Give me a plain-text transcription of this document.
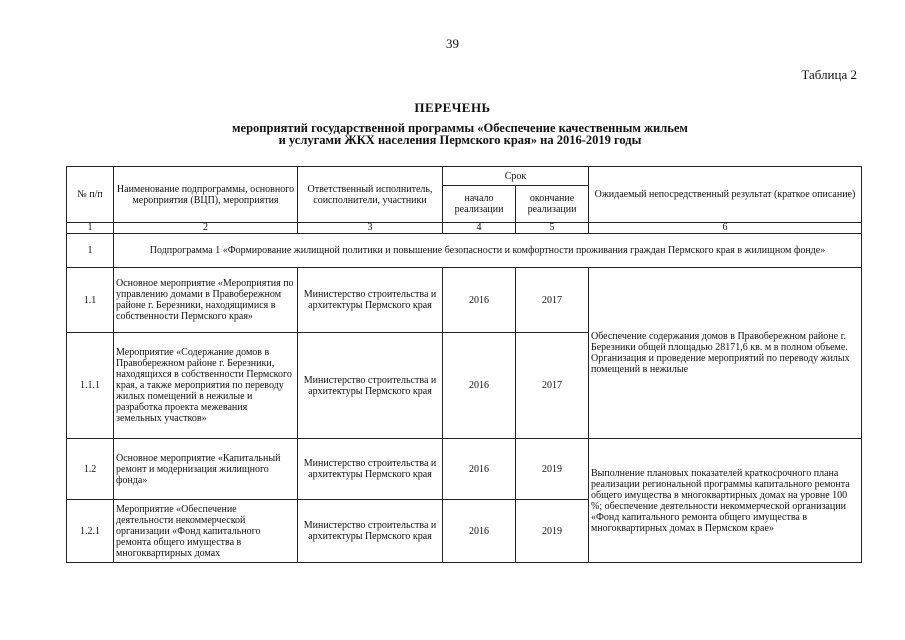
39
Таблица 2
ПЕРЕЧЕНЬ
мероприятий государственной программы «Обеспечение качественным жильем
и услугами ЖКХ населения Пермского края» на 2016-2019 годы
№ п/п	Наименование подпрограммы, основного мероприятия (ВЦП), мероприятия	Ответственный исполнитель, соисполнители, участники	Срок		Ожидаемый непосредственный результат (краткое описание)
			начало реализации	окончание реализации	
1	2	3	4	5	6
1	Подпрограмма 1 «Формирование жилищной политики и повышение безопасности и комфортности проживания граждан Пермского края в жилищном фонде»				
1.1	Основное мероприятие «Мероприятия по управлению домами в Правобережном районе г. Березники, находящимися в собственности Пермского края»	Министерство строительства и архитектуры Пермского края	2016	2017	Обеспечение содержания домов в Правобережном районе г. Березники общей площадью 28171,6 кв. м в полном объеме. Организация и проведение мероприятий по переводу жилых помещений в нежилые
1.1.1	Мероприятие «Содержание домов в Правобережном районе г. Березники, находящихся в собственности Пермского края, а также мероприятия по переводу жилых помещений в нежилые и разработка проекта межевания земельных участков»	Министерство строительства и архитектуры Пермского края	2016	2017	
1.2	Основное мероприятие «Капитальный ремонт и модернизация жилищного фонда»	Министерство строительства и архитектуры Пермского края	2016	2019	Выполнение плановых показателей краткосрочного плана реализации региональной программы капитального ремонта общего имущества в многоквартирных домах на уровне 100 %; обеспечение деятельности некоммерческой организации «Фонд капитального ремонта общего имущества в многоквартирных домах в Пермском крае»
1.2.1	Мероприятие «Обеспечение деятельности некоммерческой организации «Фонд капитального ремонта общего имущества в многоквартирных домах	Министерство строительства и архитектуры Пермского края	2016	2019	
